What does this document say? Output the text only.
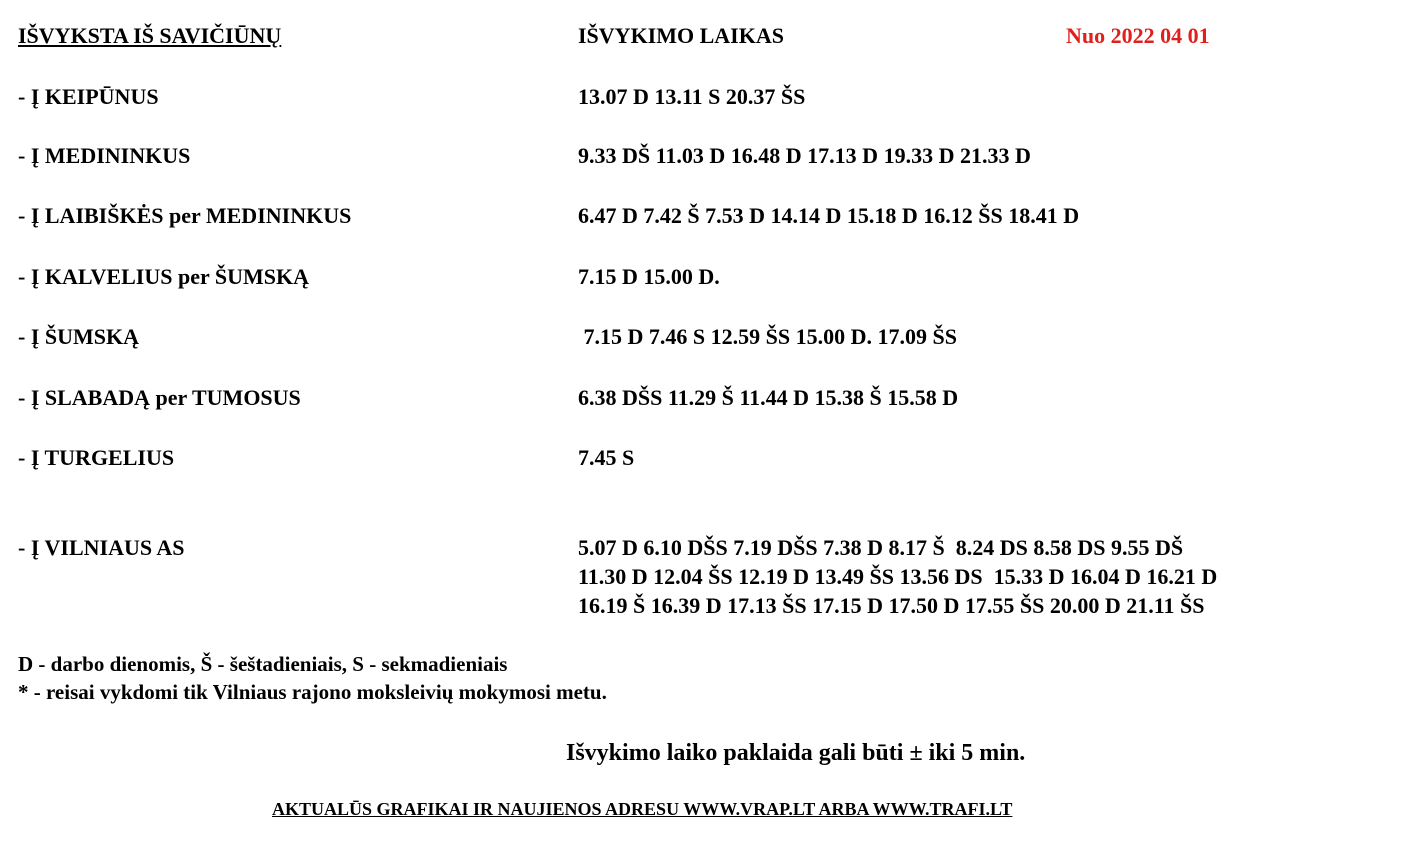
IŠVYKSTA IŠ SAVIČIŪNŲ	IŠVYKIMO LAIKAS	Nuo 2022 04 01
- Į KEIPŪNUS	13.07 D 13.11 S 20.37 ŠS
- Į MEDININKUS	9.33 DŠ 11.03 D 16.48 D 17.13 D 19.33 D 21.33 D
- Į LAIBIŠKĖS per MEDININKUS	6.47 D 7.42 Š 7.53 D 14.14 D 15.18 D 16.12 ŠS 18.41 D
- Į KALVELIUS per ŠUMSKĄ	7.15 D 15.00 D.
- Į ŠUMSKĄ	7.15 D 7.46 S 12.59 ŠS 15.00 D. 17.09 ŠS
- Į SLABADĄ per TUMOSUS	6.38 DŠS 11.29 Š 11.44 D 15.38 Š 15.58 D
- Į TURGELIUS	7.45 S
- Į VILNIAUS AS	5.07 D 6.10 DŠS 7.19 DŠS 7.38 D 8.17 Š  8.24 DS 8.58 DS 9.55 DŠ
11.30 D 12.04 ŠS 12.19 D 13.49 ŠS 13.56 DS  15.33 D 16.04 D 16.21 D
16.19 Š 16.39 D 17.13 ŠS 17.15 D 17.50 D 17.55 ŠS 20.00 D 21.11 ŠS
D - darbo dienomis, Š - šeštadieniais, S - sekmadieniais
* - reisai vykdomi tik Vilniaus rajono moksleivių mokymosi metu.
Išvykimo laiko paklaida gali būti ± iki 5 min.
AKTUALŪS GRAFIKAI IR NAUJIENOS ADRESU WWW.VRAP.LT ARBA WWW.TRAFI.LT
